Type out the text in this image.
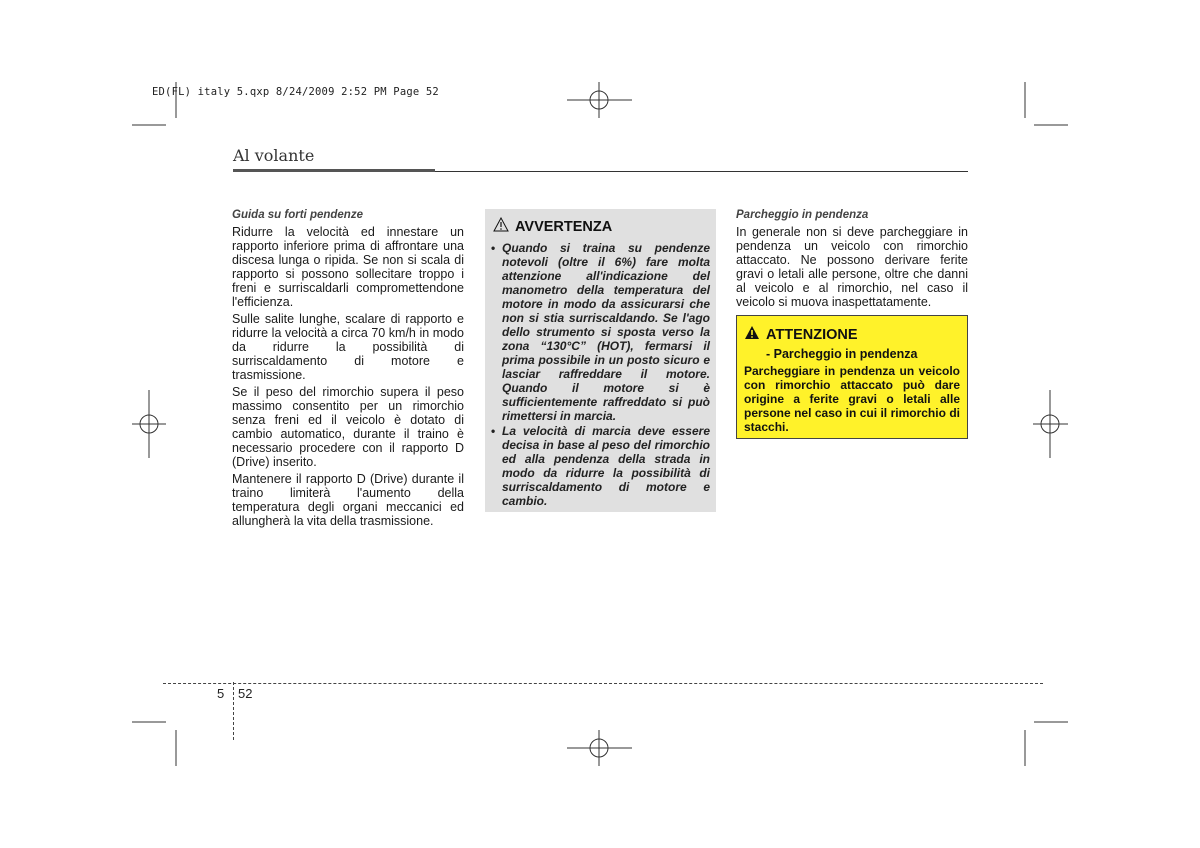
ED(FL) italy 5.qxp 8/24/2009 2:52 PM Page 52
Al volante
Guida su forti pendenze

Ridurre la velocità ed innestare un rapporto inferiore prima di affrontare una discesa lunga o ripida. Se non si scala di rapporto si possono sollecitare troppo i freni e surriscaldarli compromettendone l'efficienza.

Sulle salite lunghe, scalare di rapporto e ridurre la velocità a circa 70 km/h in modo da ridurre la possibilità di surriscaldamento di motore e trasmissione.

Se il peso del rimorchio supera il peso massimo consentito per un rimorchio senza freni ed il veicolo è dotato di cambio automatico, durante il traino è necessario procedere con il rapporto D (Drive) inserito.

Mantenere il rapporto D (Drive) durante il traino limiterà l'aumento della temperatura degli organi meccanici ed allungherà la vita della trasmissione.

AVVERTENZA
• Quando si traina su pendenze notevoli (oltre il 6%) fare molta attenzione all'indicazione del manometro della temperatura del motore in modo da assicurarsi che non si stia surriscaldando. Se l'ago dello strumento si sposta verso la zona “130°C” (HOT), fermarsi il prima possibile in un posto sicuro e lasciar raffreddare il motore. Quando il motore si è sufficientemente raffreddato si può rimettersi in marcia.
• La velocità di marcia deve essere decisa in base al peso del rimorchio ed alla pendenza della strada in modo da ridurre la possibilità di surriscaldamento di motore e cambio.
Parcheggio in pendenza

In generale non si deve parcheggiare in pendenza un veicolo con rimorchio attaccato. Ne possono derivare ferite gravi o letali alle persone, oltre che danni al veicolo e al rimorchio, nel caso il veicolo si muova inaspettatamente.

ATTENZIONE
- Parcheggio in pendenza

Parcheggiare in pendenza un veicolo con rimorchio attaccato può dare origine a ferite gravi o letali alle persone nel caso in cui il rimorchio di stacchi.

5 52
